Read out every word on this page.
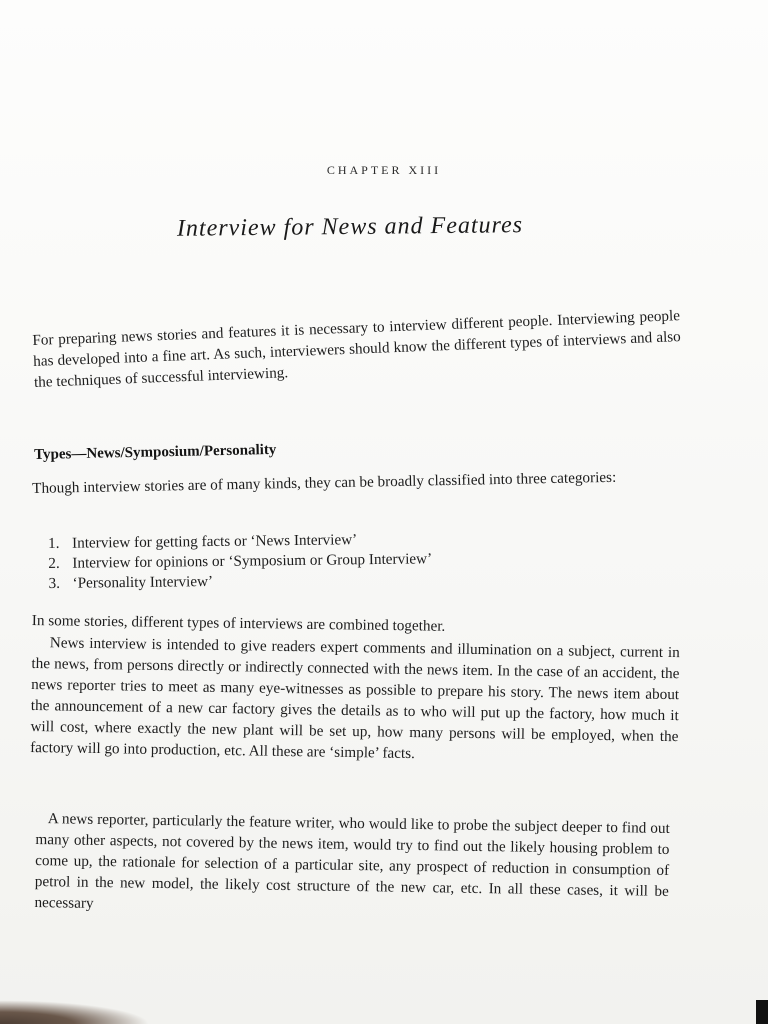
CHAPTER XIII
Interview for News and Features
For preparing news stories and features it is necessary to interview different people. Interviewing people has developed into a fine art. As such, interviewers should know the different types of interviews and also the techniques of successful interviewing.
Types—News/Symposium/Personality
Though interview stories are of many kinds, they can be broadly classified into three categories:
1. Interview for getting facts or ‘News Interview’
2. Interview for opinions or ‘Symposium or Group Interview’
3. ‘Personality Interview’
In some stories, different types of interviews are combined together.
News interview is intended to give readers expert comments and illumination on a subject, current in the news, from persons directly or indirectly connected with the news item. In the case of an accident, the news reporter tries to meet as many eye-witnesses as possible to prepare his story. The news item about the announcement of a new car factory gives the details as to who will put up the factory, how much it will cost, where exactly the new plant will be set up, how many persons will be employed, when the factory will go into production, etc. All these are ‘simple’ facts.
A news reporter, particularly the feature writer, who would like to probe the subject deeper to find out many other aspects, not covered by the news item, would try to find out the likely housing problem to come up, the rationale for selection of a particular site, any prospect of reduction in consumption of petrol in the new model, the likely cost structure of the new car, etc. In all these cases, it will be necessary
